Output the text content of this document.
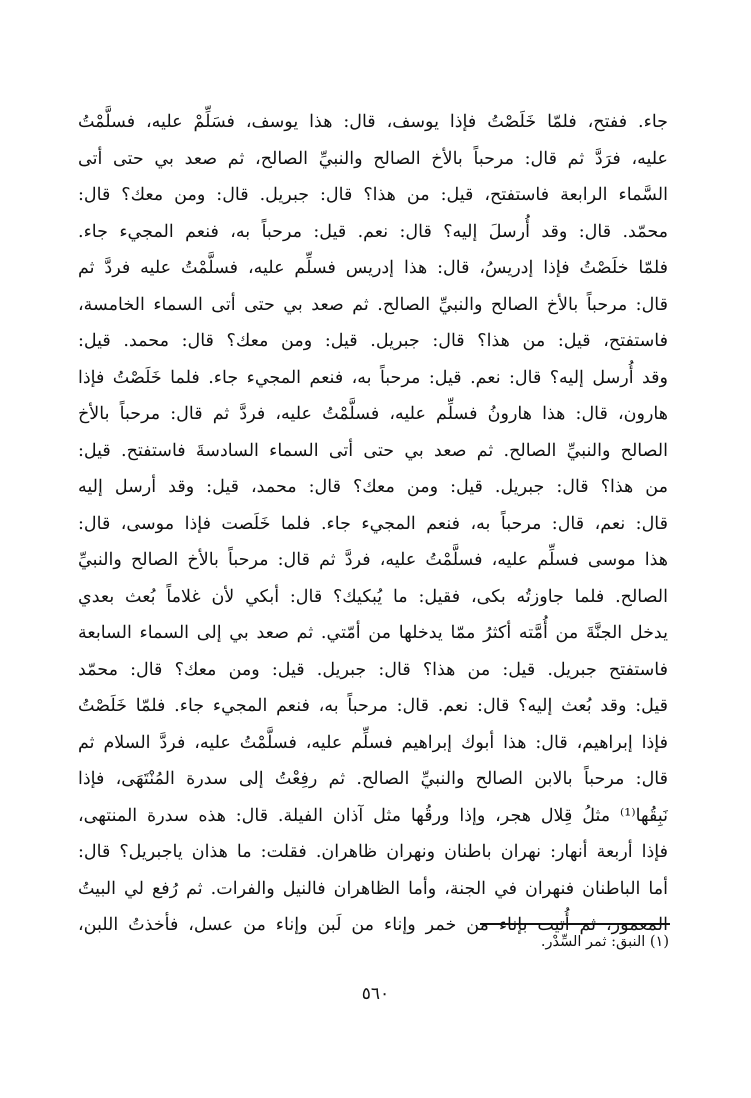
جاء. ففتح، فلمّا خَلَصْتُ فإذا يوسف، قال: هذا يوسف، فسَلِّمْ عليه، فسلَّمْتُ
عليه، فرَدَّ ثم قال: مرحباً بالأخ الصالح والنبيِّ الصالح، ثم صعد بي حتى أتى
السَّماء الرابعة فاستفتح، قيل: من هذا؟ قال: جبريل. قال: ومن معك؟ قال:
محمّد. قال: وقد أُرسلَ إليه؟ قال: نعم. قيل: مرحباً به، فنعم المجيء جاء.
فلمّا خلَصْتُ فإذا إدريسُ، قال: هذا إدريس فسلِّم عليه، فسلَّمْتُ عليه فردَّ ثم
قال: مرحباً بالأخ الصالح والنبيِّ الصالح. ثم صعد بي حتى أتى السماء الخامسة،
فاستفتح، قيل: من هذا؟ قال: جبريل. قيل: ومن معك؟ قال: محمد. قيل:
وقد أُرسل إليه؟ قال: نعم. قيل: مرحباً به، فنعم المجيء جاء. فلما خَلَصْتُ فإذا
هارون، قال: هذا هارونُ فسلِّم عليه، فسلَّمْتُ عليه، فردَّ ثم قال: مرحباً بالأخ
الصالح والنبيِّ الصالح. ثم صعد بي حتى أتى السماء السادسةَ فاستفتح. قيل:
من هذا؟ قال: جبريل. قيل: ومن معك؟ قال: محمد، قيل: وقد أرسل إليه
قال: نعم، قال: مرحباً به، فنعم المجيء جاء. فلما خَلَصت فإذا موسى، قال:
هذا موسى فسلِّم عليه، فسلَّمْتُ عليه، فردَّ ثم قال: مرحباً بالأخ الصالح والنبيِّ
الصالح. فلما جاوزتُه بكى، فقيل: ما يُبكيك؟ قال: أبكي لأن غلاماً بُعث بعدي
يدخل الجنَّةَ من أُمَّته أكثرُ ممّا يدخلها من أمّتي. ثم صعد بي إلى السماء السابعة
فاستفتح جبريل. قيل: من هذا؟ قال: جبريل. قيل: ومن معك؟ قال: محمّد
قيل: وقد بُعث إليه؟ قال: نعم. قال: مرحباً به، فنعم المجيء جاء. فلمّا خَلَصْتُ
فإذا إبراهيم، قال: هذا أبوك إبراهيم فسلِّم عليه، فسلَّمْتُ عليه، فردَّ السلام ثم
قال: مرحباً بالابن الصالح والنبيِّ الصالح. ثم رفِعْتُ إلى سدرة المُنْتَهَى، فإذا
نَبِقُها⁽¹⁾ مثلُ قِلال هجر، وإذا ورقُها مثل آذان الفيلة. قال: هذه سدرة المنتهى،
فإذا أربعة أنهار: نهران باطنان ونهران ظاهران. فقلت: ما هذان ياجبريل؟ قال:
أما الباطنان فنهران في الجنة، وأما الظاهران فالنيل والفرات. ثم رُفع لي البيتُ
المعمور، ثم أُتيت بإناء من خمر وإناء من لَبن وإناء من عسل، فأخذتُ اللبن،
(١) النبق: ثمر السِّدْر.
٥٦٠
